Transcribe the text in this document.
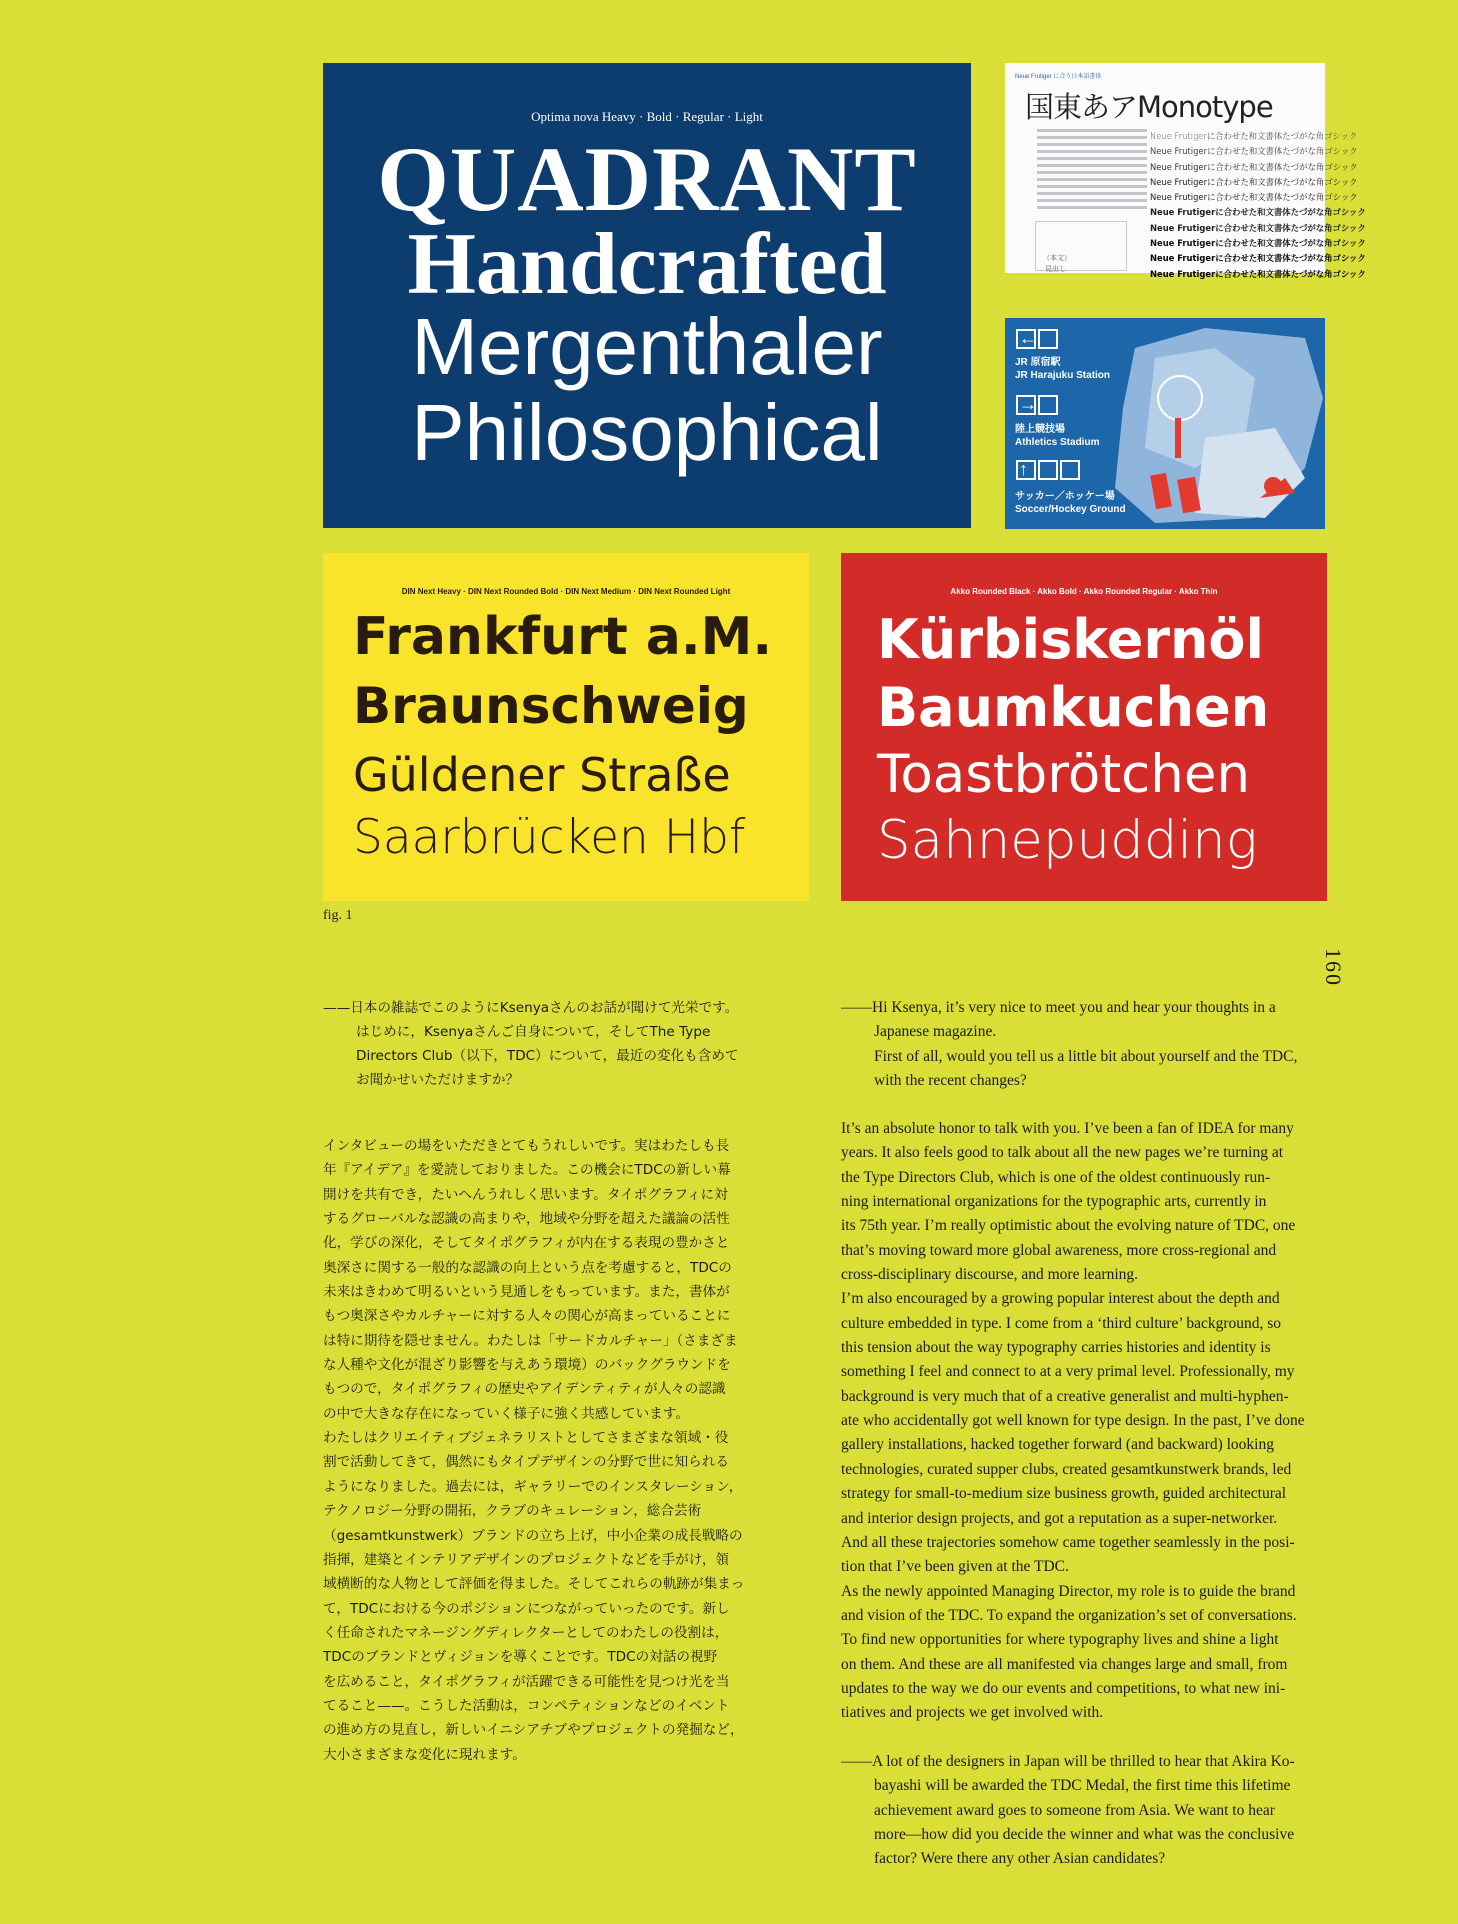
Optima nova Heavy · Bold · Regular · Light
QUADRANT
Handcrafted
Mergenthaler
Philosophical
Neue Frutiger に合う日本語書体
国東あアMonotype
Neue Frutigerに合わせた和文書体たづがな角ゴシック
Neue Frutigerに合わせた和文書体たづがな角ゴシック
Neue Frutigerに合わせた和文書体たづがな角ゴシック
Neue Frutigerに合わせた和文書体たづがな角ゴシック
Neue Frutigerに合わせた和文書体たづがな角ゴシック
Neue Frutigerに合わせた和文書体たづがな角ゴシック
Neue Frutigerに合わせた和文書体たづがな角ゴシック
Neue Frutigerに合わせた和文書体たづがな角ゴシック
Neue Frutigerに合わせた和文書体たづがな角ゴシック
Neue Frutigerに合わせた和文書体たづがな角ゴシック
（本文）
見出し
←
→
↑
JR 原宿駅
JR Harajuku Station
陸上競技場
Athletics Stadium
サッカー／ホッケー場
Soccer/Hockey Ground
DIN Next Heavy · DIN Next Rounded Bold · DIN Next Medium · DIN Next Rounded Light
Frankfurt a.M.
Braunschweig
Güldener Straße
Saarbrücken Hbf
Akko Rounded Black · Akko Bold · Akko Rounded Regular · Akko Thin
Kürbiskernöl
Baumkuchen
Toastbrötchen
Sahnepudding
fig. 1
160
——日本の雑誌でこのようにKsenyaさんのお話が聞けて光栄です。
はじめに，Ksenyaさんご自身について，そしてThe Type
Directors Club（以下，TDC）について，最近の変化も含めて
お聞かせいただけますか？
インタビューの場をいただきとてもうれしいです。実はわたしも長
年『アイデア』を愛読しておりました。この機会にTDCの新しい幕
開けを共有でき，たいへんうれしく思います。タイポグラフィに対
するグローバルな認識の高まりや，地域や分野を超えた議論の活性
化，学びの深化，そしてタイポグラフィが内在する表現の豊かさと
奥深さに関する一般的な認識の向上という点を考慮すると，TDCの
未来はきわめて明るいという見通しをもっています。また，書体が
もつ奥深さやカルチャーに対する人々の関心が高まっていることに
は特に期待を隠せません。わたしは「サードカルチャー」（さまざま
な人種や文化が混ざり影響を与えあう環境）のバックグラウンドを
もつので，タイポグラフィの歴史やアイデンティティが人々の認識
の中で大きな存在になっていく様子に強く共感しています。
わたしはクリエイティブジェネラリストとしてさまざまな領域・役
割で活動してきて，偶然にもタイプデザインの分野で世に知られる
ようになりました。過去には，ギャラリーでのインスタレーション，
テクノロジー分野の開拓，クラブのキュレーション，総合芸術
（gesamtkunstwerk）ブランドの立ち上げ，中小企業の成長戦略の
指揮，建築とインテリアデザインのプロジェクトなどを手がけ，領
域横断的な人物として評価を得ました。そしてこれらの軌跡が集まっ
て，TDCにおける今のポジションにつながっていったのです。新し
く任命されたマネージングディレクターとしてのわたしの役割は，
TDCのブランドとヴィジョンを導くことです。TDCの対話の視野
を広めること，タイポグラフィが活躍できる可能性を見つけ光を当
てること——。こうした活動は，コンペティションなどのイベント
の進め方の見直し，新しいイニシアチブやプロジェクトの発掘など，
大小さまざまな変化に現れます。
——Hi Ksenya, it’s very nice to meet you and hear your thoughts in a
Japanese magazine.
First of all, would you tell us a little bit about yourself and the TDC,
with the recent changes?
It’s an absolute honor to talk with you. I’ve been a fan of IDEA for many
years. It also feels good to talk about all the new pages we’re turning at
the Type Directors Club, which is one of the oldest continuously run-
ning international organizations for the typographic arts, currently in
its 75th year. I’m really optimistic about the evolving nature of TDC, one
that’s moving toward more global awareness, more cross-regional and
cross-disciplinary discourse, and more learning.
I’m also encouraged by a growing popular interest about the depth and
culture embedded in type. I come from a ‘third culture’ background, so
this tension about the way typography carries histories and identity is
something I feel and connect to at a very primal level. Professionally, my
background is very much that of a creative generalist and multi-hyphen-
ate who accidentally got well known for type design. In the past, I’ve done
gallery installations, hacked together forward (and backward) looking
technologies, curated supper clubs, created gesamtkunstwerk brands, led
strategy for small-to-medium size business growth, guided architectural
and interior design projects, and got a reputation as a super-networker.
And all these trajectories somehow came together seamlessly in the posi-
tion that I’ve been given at the TDC.
As the newly appointed Managing Director, my role is to guide the brand
and vision of the TDC. To expand the organization’s set of conversations.
To find new opportunities for where typography lives and shine a light
on them. And these are all manifested via changes large and small, from
updates to the way we do our events and competitions, to what new ini-
tiatives and projects we get involved with.
——A lot of the designers in Japan will be thrilled to hear that Akira Ko-
bayashi will be awarded the TDC Medal, the first time this lifetime
achievement award goes to someone from Asia. We want to hear
more—how did you decide the winner and what was the conclusive
factor? Were there any other Asian candidates?
